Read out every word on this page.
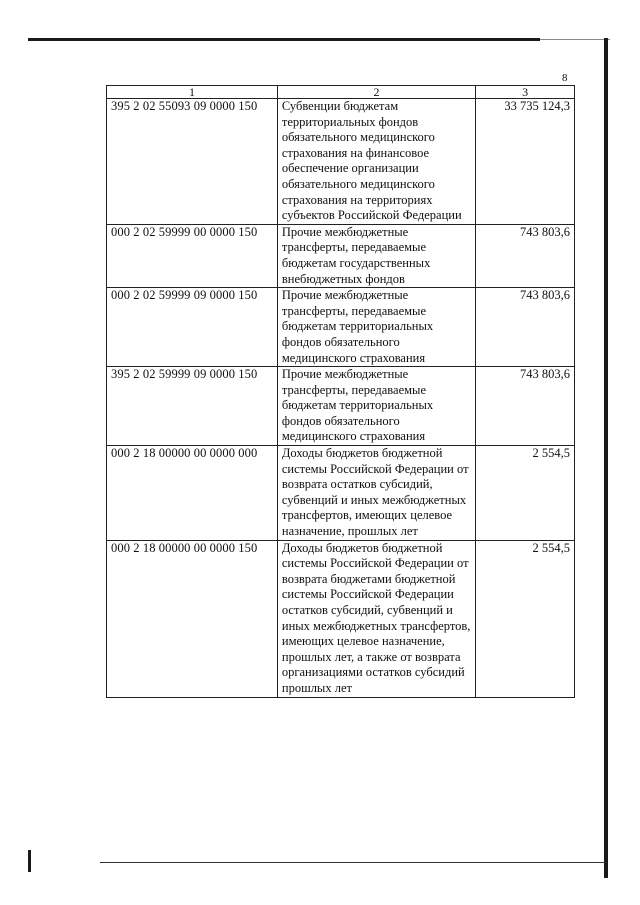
8
1	2	3
395 2 02 55093 09 0000 150	Субвенции бюджетам территориальных фондов обязательного медицинского страхования на финансовое обеспечение организации обязательного медицинского страхования на территориях субъектов Российской Федерации	33 735 124,3
000 2 02 59999 00 0000 150	Прочие межбюджетные трансферты, передаваемые бюджетам государственных внебюджетных фондов	743 803,6
000 2 02 59999 09 0000 150	Прочие межбюджетные трансферты, передаваемые бюджетам территориальных фондов обязательного медицинского страхования	743 803,6
395 2 02 59999 09 0000 150	Прочие межбюджетные трансферты, передаваемые бюджетам территориальных фондов обязательного медицинского страхования	743 803,6
000 2 18 00000 00 0000 000	Доходы бюджетов бюджетной системы Российской Федерации от возврата остатков субсидий, субвенций и иных межбюджетных трансфертов, имеющих целевое назначение, прошлых лет	2 554,5
000 2 18 00000 00 0000 150	Доходы бюджетов бюджетной системы Российской Федерации от возврата бюджетами бюджетной системы Российской Федерации остатков субсидий, субвенций и иных межбюджетных трансфертов, имеющих целевое назначение, прошлых лет, а также от возврата организациями остатков субсидий прошлых лет	2 554,5
